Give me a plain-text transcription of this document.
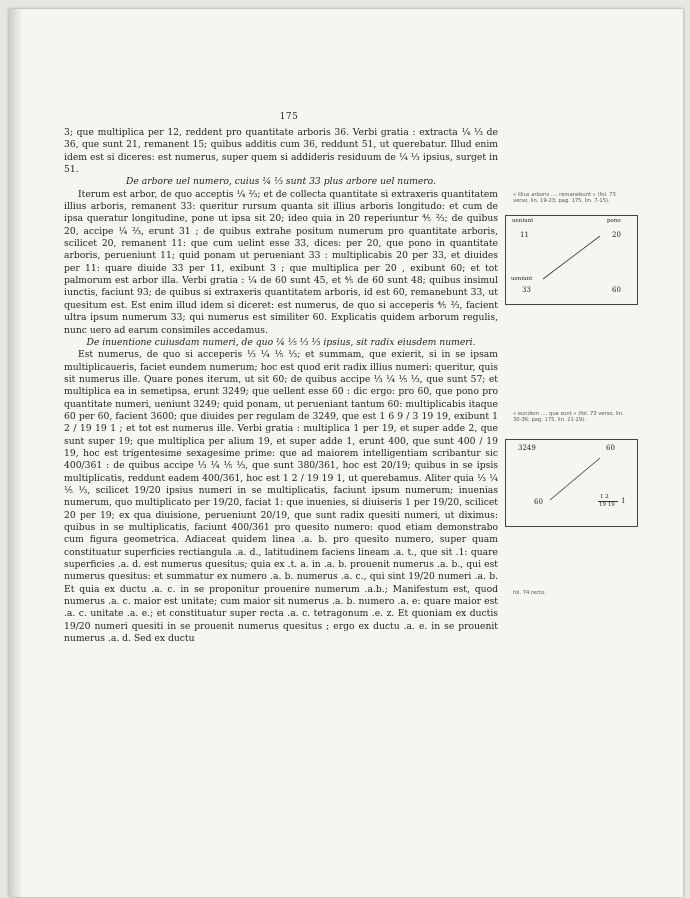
175

3; que multiplica per 12, reddent pro quantitate arboris 36. Verbi gratia : extracta ¼ ⅓ de 36, que sunt 21, remanent 15; quibus additis cum 36, reddunt 51, ut querebatur. Illud enim idem est si diceres: est numerus, super quem si addideris residuum de ¼ ⅓ ipsius, surget in 51.

De arbore uel numero, cuius ¼ ⅓ sunt 33 plus arbore uel numero.

Iterum est arbor, de quo acceptis ¼ ⅔; et de collecta quantitate si extraxeris quantitatem illius arboris, remanent 33: queritur rursum quanta sit illius arboris longitudo: et cum de ipsa queratur longitudine, pone ut ipsa sit 20; ideo quia in 20 reperiuntur ⅘ ⅔; de quibus 20, accipe ¼ ⅔, erunt 31 ; de quibus extrahe positum numerum pro quantitate arboris, scilicet 20, remanent 11: que cum uelint esse 33, dices: per 20, que pono in quantitate arboris, perueniunt 11; quid ponam ut perueniant 33 : multiplicabis 20 per 33, et diuides per 11: quare diuide 33 per 11, exibunt 3 ; que multiplica per 20 , exibunt 60; et tot palmorum est arbor illa. Verbi gratia : ¼ de 60 sunt 45, et ⅘ de 60 sunt 48; quibus insimul iunctis, faciunt 93; de quibus si extraxeris quantitatem arboris, id est 60, remanebunt 33, ut quesitum est. Est enim illud idem si diceret: est numerus, de quo si acceperis ⅘ ⅔, facient ultra ipsum numerum 33; qui numerus est similiter 60. Explicatis quidem arborum regulis, nunc uero ad earum consimiles accedamus.

De inuentione cuiusdam numeri, de quo ¼ ⅕ ⅓ ⅓ ipsius, sit radix eiusdem numeri.

Est numerus, de quo si acceperis ⅓ ¼ ⅕ ⅓; et summam, que exierit, si in se ipsam multiplicaueris, faciet eundem numerum; hoc est quod erit radix illius numeri: queritur, quis sit numerus ille. Quare pones iterum, ut sit 60; de quibus accipe ⅓ ¼ ⅕ ⅓, que sunt 57; et multiplica ea in semetipsa, erunt 3249; que uellent esse 60 : dic ergo: pro 60, que pono pro quantitate numeri, ueniunt 3249; quid ponam, ut perueniant tantum 60: multiplicabis itaque 60 per 60, facient 3600; que diuides per regulam de 3249, que est 1 6 9 / 3 19 19, exibunt 1 2 / 19 19 1 ; et tot est numerus ille. Verbi gratia : multiplica 1 per 19, et super adde 2, que sunt super 19; que multiplica per alium 19, et super adde 1, erunt 400, que sunt 400 / 19 19, hoc est trigentesime sexagesime prime: que ad maiorem intelligentiam scribantur sic 400/361 : de quibus accipe ⅓ ¼ ⅕ ⅓, que sunt 380/361, hoc est 20/19; quibus in se ipsis multiplicatis, reddunt eadem 400/361, hoc est 1 2 / 19 19 1, ut querebamus. Aliter quia ⅓ ¼ ⅕ ⅓, scilicet 19/20 ipsius numeri in se multiplicatis, faciunt ipsum numerum; inuenias numerum, quo multiplicato per 19/20, faciat 1: que inuenies, si diuiseris 1 per 19/20, scilicet 20 per 19; ex qua diuisione, perueniunt 20/19, que sunt radix quesiti numeri, ut diximus: quibus in se multiplicatis, faciunt 400/361 pro quesito numero: quod etiam demonstrabo cum figura geometrica. Adiaceat quidem linea .a. b. pro quesito numero, super quam constituatur superficies rectiangula .a. d., latitudinem faciens lineam .a. t., que sit .1: quare superficies .a. d. est numerus quesitus; quia ex .t. a. in .a. b. prouenit numerus .a. b., qui est numerus quesitus: et summatur ex numero .a. b. numerus .a. c., qui sint 19/20 numeri .a. b. Et quia ex ductu .a. c. in se proponitur prouenire numerum .a.b.; Manifestum est, quod numerus .a. c. maior est unitate; cum maior sit numerus .a. b. numero .a. e: quare maior est .a. c. unitate .a. e.; et constituatur super recta .a. c. tetragonum .e. z. Et quoniam ex ductis 19/20 numeri quesiti in se prouenit numerus quesitus ; ergo ex ductu .a. e. in se prouenit numerus .a. d. Sed ex ductu

« illius arboris .... remanebunt » (fol. 73 verso, lin. 19-23; pag. 175, lin. 7-15).
ueniunt	pono
11	20
ueniunt
33	60
« eundem .... que sunt » (fol. 73 verso, lin. 30-36; pag. 175, lin. 21-29).
3249	60
60
1 2
19 19 1
fol. 74 recto.
